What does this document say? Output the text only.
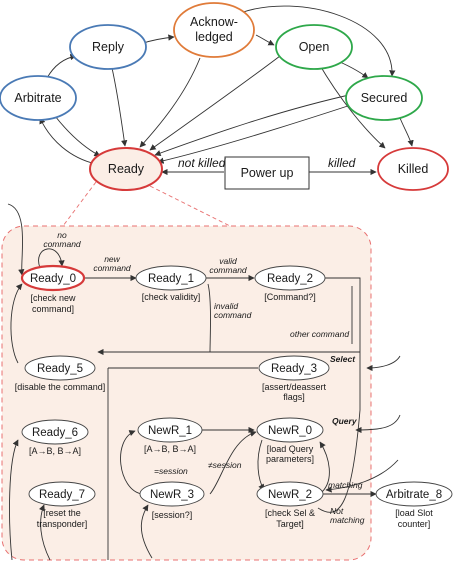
Reply
Acknow-
ledged
Open
Arbitrate	Secured
Ready	Power up	Killed
not killed	killed
Ready_0	Ready_1	Ready_2
Ready_5	Ready_3
Ready_6	NewR_1	NewR_0
Ready_7	NewR_3	NewR_2	Arbitrate_8
[check new
command]
[check validity]	[Command?]
[disable the command]	[assert/deassert
flags]
[A→B, B→A]	[A→B, B→A]	[load Query
parameters]
[reset the
transponder]
[session?]	[check Sel &
Target]
[load Slot
counter]
no
command
new
command
valid
command
invalid
command
other command
Select
Query
=session
≠session
matching
Not
matching
